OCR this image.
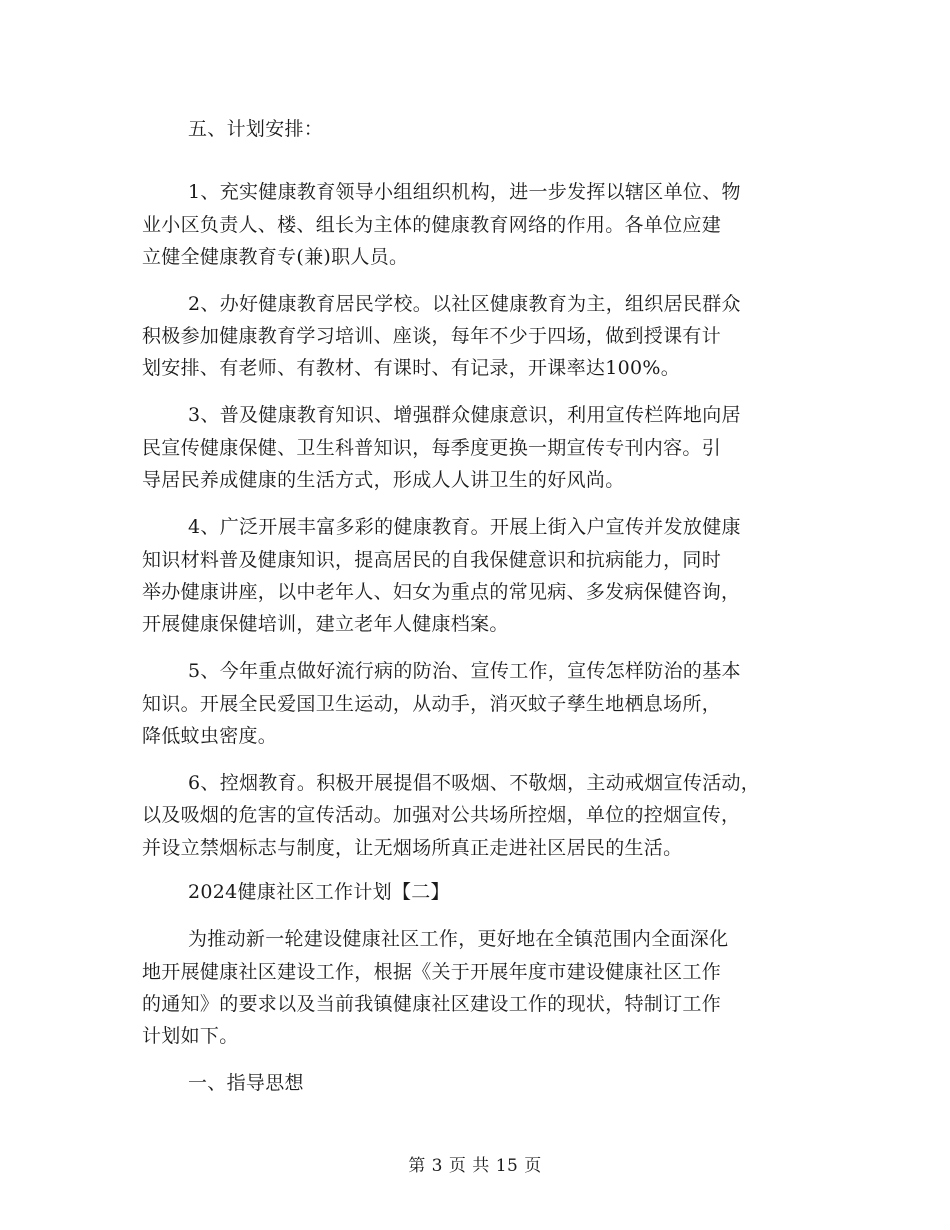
五、计划安排：
1、充实健康教育领导小组组织机构，进一步发挥以辖区单位、物
业小区负责人、楼、组长为主体的健康教育网络的作用。各单位应建
立健全健康教育专(兼)职人员。
2、办好健康教育居民学校。以社区健康教育为主，组织居民群众
积极参加健康教育学习培训、座谈，每年不少于四场，做到授课有计
划安排、有老师、有教材、有课时、有记录，开课率达100%。
3、普及健康教育知识、增强群众健康意识，利用宣传栏阵地向居
民宣传健康保健、卫生科普知识，每季度更换一期宣传专刊内容。引
导居民养成健康的生活方式，形成人人讲卫生的好风尚。
4、广泛开展丰富多彩的健康教育。开展上街入户宣传并发放健康
知识材料普及健康知识，提高居民的自我保健意识和抗病能力，同时
举办健康讲座，以中老年人、妇女为重点的常见病、多发病保健咨询，
开展健康保健培训，建立老年人健康档案。
5、今年重点做好流行病的防治、宣传工作，宣传怎样防治的基本
知识。开展全民爱国卫生运动，从动手，消灭蚊子孳生地栖息场所，
降低蚊虫密度。
6、控烟教育。积极开展提倡不吸烟、不敬烟，主动戒烟宣传活动，
以及吸烟的危害的宣传活动。加强对公共场所控烟，单位的控烟宣传，
并设立禁烟标志与制度，让无烟场所真正走进社区居民的生活。
2024健康社区工作计划【二】
为推动新一轮建设健康社区工作，更好地在全镇范围内全面深化
地开展健康社区建设工作，根据《关于开展年度市建设健康社区工作
的通知》的要求以及当前我镇健康社区建设工作的现状，特制订工作
计划如下。
一、指导思想
第 3 页 共 15 页
